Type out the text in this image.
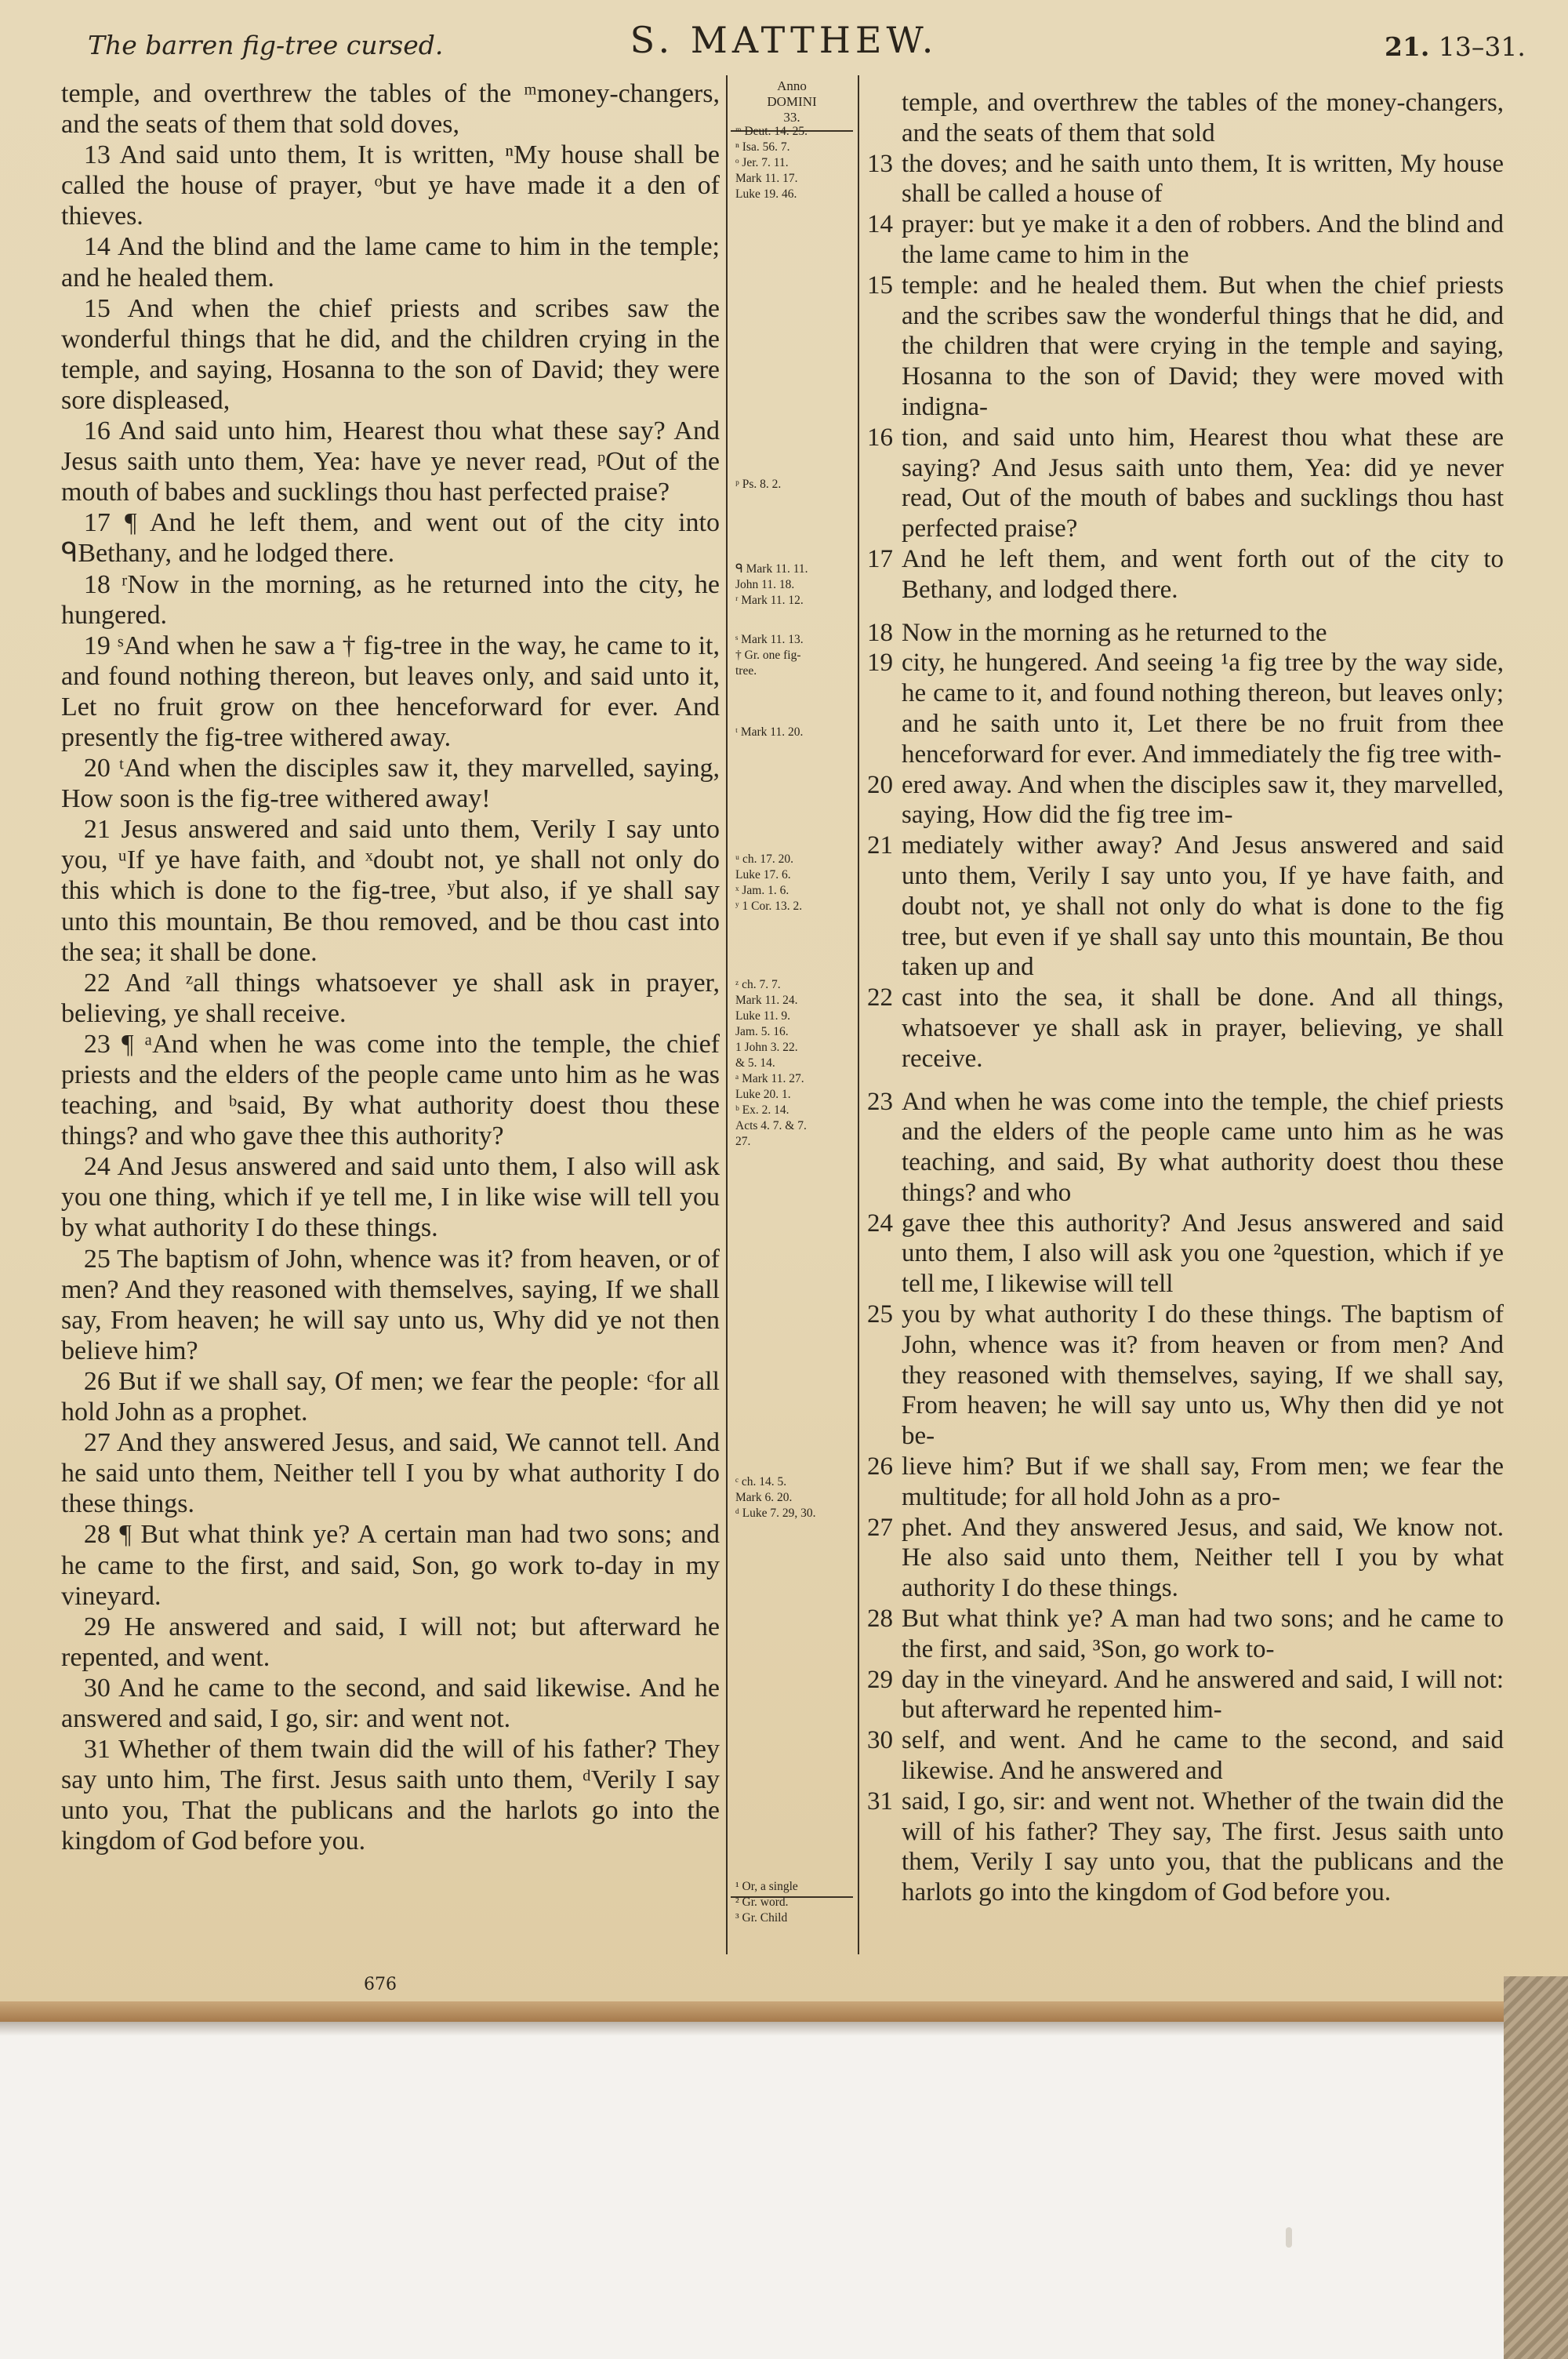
The barren fig-tree cursed.	S. MATTHEW.	21. 13–31.

temple, and overthrew the tables of the ᵐmoney-changers, and the seats of them that sold doves,

13 And said unto them, It is written, ⁿMy house shall be called the house of prayer, ᵒbut ye have made it a den of thieves.

14 And the blind and the lame came to him in the temple; and he healed them.

15 And when the chief priests and scribes saw the wonderful things that he did, and the children crying in the temple, and saying, Hosanna to the son of David; they were sore displeased,

16 And said unto him, Hearest thou what these say? And Jesus saith unto them, Yea: have ye never read, ᵖOut of the mouth of babes and sucklings thou hast perfected praise?

17 ¶ And he left them, and went out of the city into ᑫBethany, and he lodged there.

18 ʳNow in the morning, as he returned into the city, he hungered.

19 ˢAnd when he saw a † fig-tree in the way, he came to it, and found nothing thereon, but leaves only, and said unto it, Let no fruit grow on thee henceforward for ever. And presently the fig-tree withered away.

20 ᵗAnd when the disciples saw it, they marvelled, saying, How soon is the fig-tree withered away!

21 Jesus answered and said unto them, Verily I say unto you, ᵘIf ye have faith, and ˣdoubt not, ye shall not only do this which is done to the fig-tree, ʸbut also, if ye shall say unto this mountain, Be thou removed, and be thou cast into the sea; it shall be done.

22 And ᶻall things whatsoever ye shall ask in prayer, believing, ye shall receive.

23 ¶ ᵃAnd when he was come into the temple, the chief priests and the elders of the people came unto him as he was teaching, and ᵇsaid, By what authority doest thou these things? and who gave thee this authority?

24 And Jesus answered and said unto them, I also will ask you one thing, which if ye tell me, I in like wise will tell you by what authority I do these things.

25 The baptism of John, whence was it? from heaven, or of men? And they reasoned with themselves, saying, If we shall say, From heaven; he will say unto us, Why did ye not then believe him?

26 But if we shall say, Of men; we fear the people: ᶜfor all hold John as a prophet.

27 And they answered Jesus, and said, We cannot tell. And he said unto them, Neither tell I you by what authority I do these things.

28 ¶ But what think ye? A certain man had two sons; and he came to the first, and said, Son, go work to-day in my vineyard.

29 He answered and said, I will not; but afterward he repented, and went.

30 And he came to the second, and said likewise. And he answered and said, I go, sir: and went not.

31 Whether of them twain did the will of his father? They say unto him, The first. Jesus saith unto them, ᵈVerily I say unto you, That the publicans and the harlots go into the kingdom of God before you.

Anno
DOMINI
33.
ᵐ Deut. 14. 25.
ⁿ Isa. 56. 7.
ᵒ Jer. 7. 11.
Mark 11. 17.
Luke 19. 46.
ᵖ Ps. 8. 2.
ᑫ Mark 11. 11.
John 11. 18.
ʳ Mark 11. 12.
ˢ Mark 11. 13.
† Gr. one fig-
tree.
ᵗ Mark 11. 20.
ᵘ ch. 17. 20.
Luke 17. 6.
ˣ Jam. 1. 6.
ʸ 1 Cor. 13. 2.
ᶻ ch. 7. 7.
Mark 11. 24.
Luke 11. 9.
Jam. 5. 16.
1 John 3. 22.
& 5. 14.
ᵃ Mark 11. 27.
Luke 20. 1.
ᵇ Ex. 2. 14.
Acts 4. 7. & 7.
27.
ᶜ ch. 14. 5.
Mark 6. 20.
ᵈ Luke 7. 29, 30.
¹ Or, a single
² Gr. word.
³ Gr. Child
temple, and overthrew the tables of the money-changers, and the seats of them that sold
13 the doves; and he saith unto them, It is written, My house shall be called a house of
14 prayer: but ye make it a den of robbers. And the blind and the lame came to him in the
15 temple: and he healed them. But when the chief priests and the scribes saw the wonderful things that he did, and the children that were crying in the temple and saying, Hosanna to the son of David; they were moved with indigna-
16 tion, and said unto him, Hearest thou what these are saying? And Jesus saith unto them, Yea: did ye never read, Out of the mouth of babes and sucklings thou hast perfected praise?
17 And he left them, and went forth out of the city to Bethany, and lodged there.
18 Now in the morning as he returned to the
19 city, he hungered. And seeing ¹a fig tree by the way side, he came to it, and found nothing thereon, but leaves only; and he saith unto it, Let there be no fruit from thee henceforward for ever. And immediately the fig tree with-
20 ered away. And when the disciples saw it, they marvelled, saying, How did the fig tree im-
21 mediately wither away? And Jesus answered and said unto them, Verily I say unto you, If ye have faith, and doubt not, ye shall not only do what is done to the fig tree, but even if ye shall say unto this mountain, Be thou taken up and
22 cast into the sea, it shall be done. And all things, whatsoever ye shall ask in prayer, believing, ye shall receive.
23 And when he was come into the temple, the chief priests and the elders of the people came unto him as he was teaching, and said, By what authority doest thou these things? and who
24 gave thee this authority? And Jesus answered and said unto them, I also will ask you one ²question, which if ye tell me, I likewise will tell
25 you by what authority I do these things. The baptism of John, whence was it? from heaven or from men? And they reasoned with themselves, saying, If we shall say, From heaven; he will say unto us, Why then did ye not be-
26 lieve him? But if we shall say, From men; we fear the multitude; for all hold John as a pro-
27 phet. And they answered Jesus, and said, We know not. He also said unto them, Neither tell I you by what authority I do these things.
28 But what think ye? A man had two sons; and he came to the first, and said, ³Son, go work to-
29 day in the vineyard. And he answered and said, I will not: but afterward he repented him-
30 self, and went. And he came to the second, and said likewise. And he answered and
31 said, I go, sir: and went not. Whether of the twain did the will of his father? They say, The first. Jesus saith unto them, Verily I say unto you, that the publicans and the harlots go into the kingdom of God before you.
676
